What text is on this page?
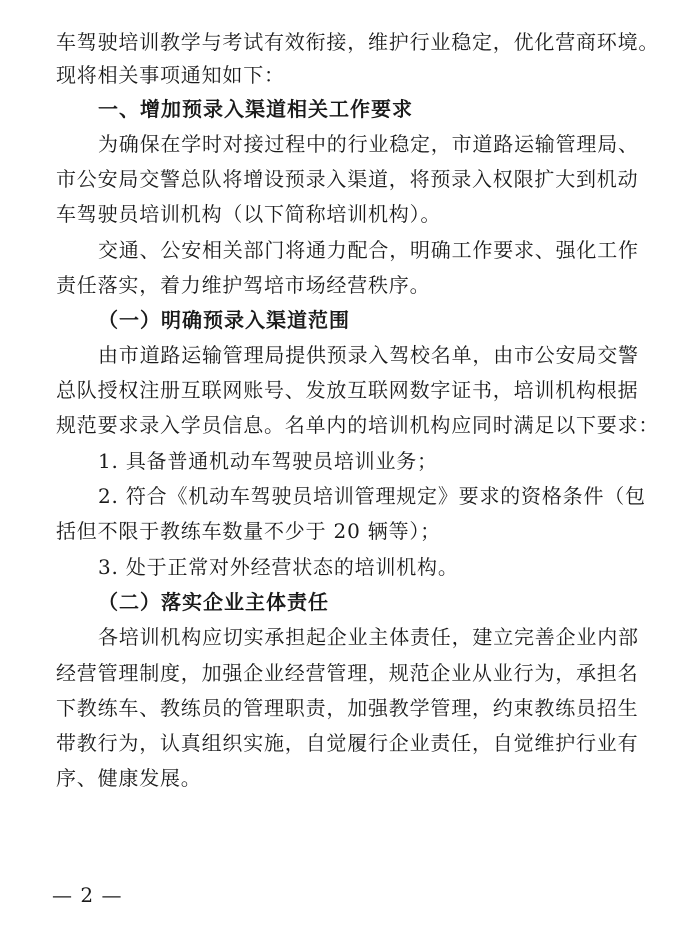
车驾驶培训教学与考试有效衔接，维护行业稳定，优化营商环境。
现将相关事项通知如下：
一、增加预录入渠道相关工作要求
为确保在学时对接过程中的行业稳定，市道路运输管理局、
市公安局交警总队将增设预录入渠道，将预录入权限扩大到机动
车驾驶员培训机构（以下简称培训机构）。
交通、公安相关部门将通力配合，明确工作要求、强化工作
责任落实，着力维护驾培市场经营秩序。
（一）明确预录入渠道范围
由市道路运输管理局提供预录入驾校名单，由市公安局交警
总队授权注册互联网账号、发放互联网数字证书，培训机构根据
规范要求录入学员信息。名单内的培训机构应同时满足以下要求：
1. 具备普通机动车驾驶员培训业务；
2. 符合《机动车驾驶员培训管理规定》要求的资格条件（包
括但不限于教练车数量不少于 20 辆等）；
3. 处于正常对外经营状态的培训机构。
（二）落实企业主体责任
各培训机构应切实承担起企业主体责任，建立完善企业内部
经营管理制度，加强企业经营管理，规范企业从业行为，承担名
下教练车、教练员的管理职责，加强教学管理，约束教练员招生
带教行为，认真组织实施，自觉履行企业责任，自觉维护行业有
序、健康发展。
— 2 —
